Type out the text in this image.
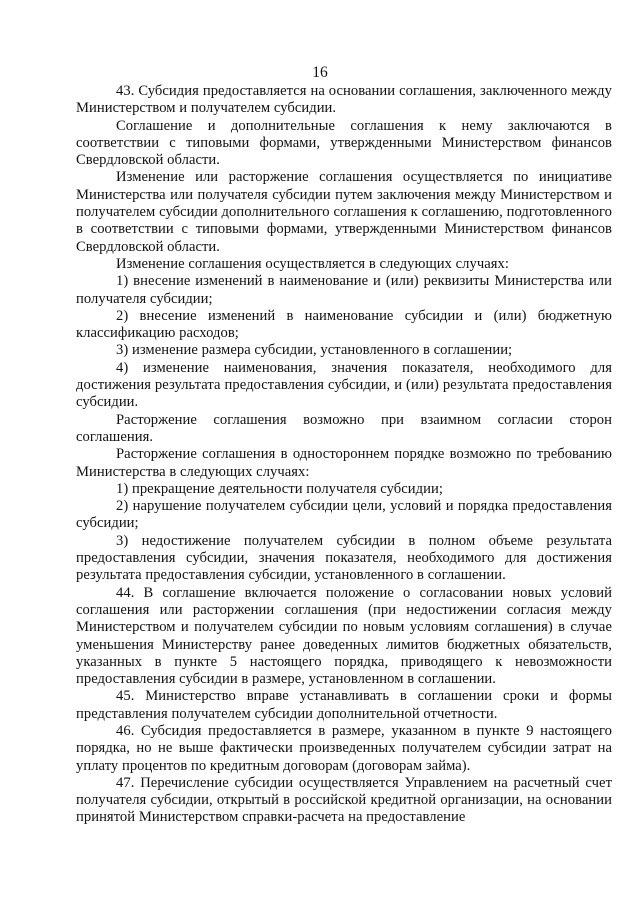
16

43. Субсидия предоставляется на основании соглашения, заключенного между Министерством и получателем субсидии.

Соглашение и дополнительные соглашения к нему заключаются в соответствии с типовыми формами, утвержденными Министерством финансов Свердловской области.

Изменение или расторжение соглашения осуществляется по инициативе Министерства или получателя субсидии путем заключения между Министерством и получателем субсидии дополнительного соглашения к соглашению, подготовленного в соответствии с типовыми формами, утвержденными Министерством финансов Свердловской области.

Изменение соглашения осуществляется в следующих случаях:

1) внесение изменений в наименование и (или) реквизиты Министерства или получателя субсидии;

2) внесение изменений в наименование субсидии и (или) бюджетную классификацию расходов;

3) изменение размера субсидии, установленного в соглашении;

4) изменение наименования, значения показателя, необходимого для достижения результата предоставления субсидии, и (или) результата предоставления субсидии.

Расторжение соглашения возможно при взаимном согласии сторон соглашения.

Расторжение соглашения в одностороннем порядке возможно по требованию Министерства в следующих случаях:

1) прекращение деятельности получателя субсидии;

2) нарушение получателем субсидии цели, условий и порядка предоставления субсидии;

3) недостижение получателем субсидии в полном объеме результата предоставления субсидии, значения показателя, необходимого для достижения результата предоставления субсидии, установленного в соглашении.

44. В соглашение включается положение о согласовании новых условий соглашения или расторжении соглашения (при недостижении согласия между Министерством и получателем субсидии по новым условиям соглашения) в случае уменьшения Министерству ранее доведенных лимитов бюджетных обязательств, указанных в пункте 5 настоящего порядка, приводящего к невозможности предоставления субсидии в размере, установленном в соглашении.

45. Министерство вправе устанавливать в соглашении сроки и формы представления получателем субсидии дополнительной отчетности.

46. Субсидия предоставляется в размере, указанном в пункте 9 настоящего порядка, но не выше фактически произведенных получателем субсидии затрат на уплату процентов по кредитным договорам (договорам займа).

47. Перечисление субсидии осуществляется Управлением на расчетный счет получателя субсидии, открытый в российской кредитной организации, на основании принятой Министерством справки-расчета на предоставление
